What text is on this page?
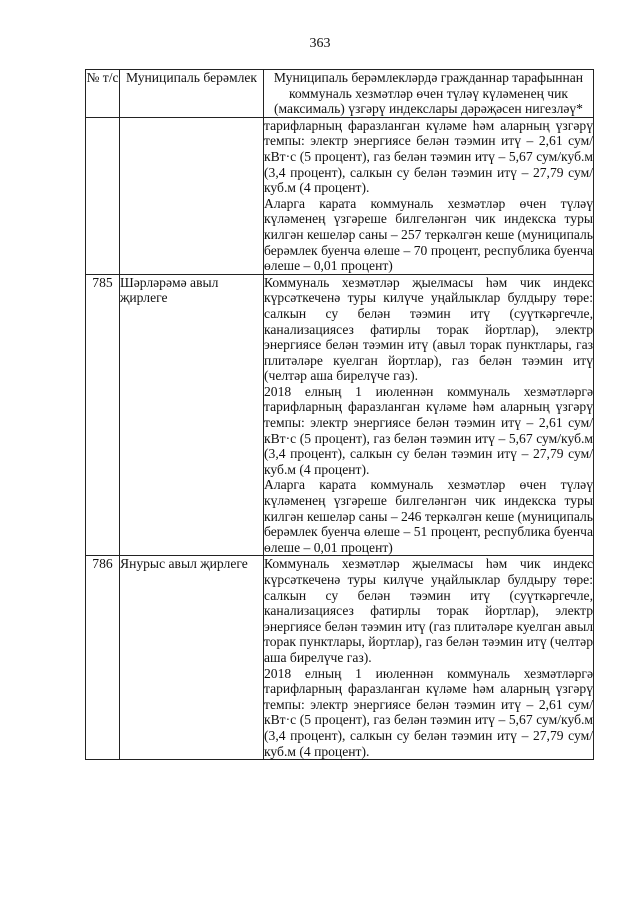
363
№ т/с	Муниципаль берәмлек	Муниципаль берәмлекләрдә гражданнар тарафыннан коммуналь хезмәтләр өчен түләү күләменең чик (максималь) үзгәрү индекслары дәрәҗәсен нигезләү*

		тарифларның фаразланган күләме һәм аларның үзгәрү темпы: электр энергиясе белән тәэмин итү – 2,61 сум/кВт·с (5 процент), газ белән тәэмин итү – 5,67 сум/куб.м (3,4 процент), салкын су белән тәэмин итү – 27,79 сум/куб.м (4 процент).
Аларга карата коммуналь хезмәтләр өчен түләү күләменең үзгәреше билгеләнгән чик индекска туры килгән кешеләр саны – 257 теркәлгән кеше (муниципаль берәмлек буенча өлеше – 70 процент, республика буенча өлеше – 0,01 процент)

785	Шәрләрәмә авыл җирлеге	Коммуналь хезмәтләр җыелмасы һәм чик индекс күрсәткеченә туры килүче уңайлыклар булдыру төре: салкын су белән тәэмин итү (суүткәргечле, канализациясез фатирлы торак йортлар), электр энергиясе белән тәэмин итү (авыл торак пунктлары, газ плитәләре куелган йортлар), газ белән тәэмин итү (челтәр аша бирелүче газ).
2018 елның 1 июленнән коммуналь хезмәтләргә тарифларның фаразланган күләме һәм аларның үзгәрү темпы: электр энергиясе белән тәэмин итү – 2,61 сум/кВт·с (5 процент), газ белән тәэмин итү – 5,67 сум/куб.м (3,4 процент), салкын су белән тәэмин итү – 27,79 сум/куб.м (4 процент).
Аларга карата коммуналь хезмәтләр өчен түләү күләменең үзгәреше билгеләнгән чик индекска туры килгән кешеләр саны – 246 теркәлгән кеше (муниципаль берәмлек буенча өлеше – 51 процент, республика буенча өлеше – 0,01 процент)

786	Янурыс авыл җирлеге	Коммуналь хезмәтләр җыелмасы һәм чик индекс күрсәткеченә туры килүче уңайлыклар булдыру төре: салкын су белән тәэмин итү (суүткәргечле, канализациясез фатирлы торак йортлар), электр энергиясе белән тәэмин итү (газ плитәләре куелган авыл торак пунктлары, йортлар), газ белән тәэмин итү (челтәр аша бирелүче газ).
2018 елның 1 июленнән коммуналь хезмәтләргә тарифларның фаразланган күләме һәм аларның үзгәрү темпы: электр энергиясе белән тәэмин итү – 2,61 сум/кВт·с (5 процент), газ белән тәэмин итү – 5,67 сум/куб.м (3,4 процент), салкын су белән тәэмин итү – 27,79 сум/куб.м (4 процент).
